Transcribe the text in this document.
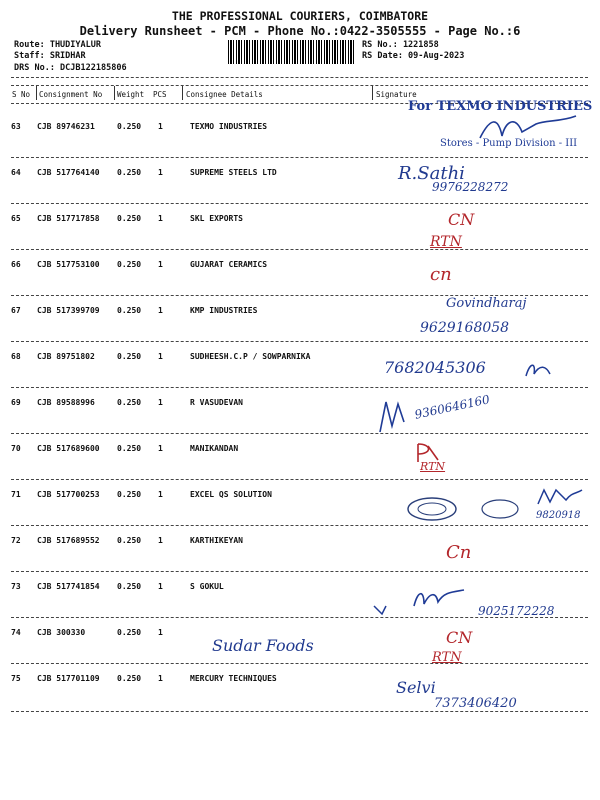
THE PROFESSIONAL COURIERS, COIMBATORE
Delivery Runsheet - PCM - Phone No.:0422-3505555 - Page No.:6
Route: THUDIYALUR
Staff: SRIDHAR
DRS No.: DCJB122185806
RS No.: 1221858
RS Date: 09-Aug-2023
S No Consignment No Weight PCS	Consignee Details	Signature
63 CJB 89746231	0.250 1	TEXMO INDUSTRIES
64 CJB 517764140 0.250 1	SUPREME STEELS LTD
65 CJB 517717858 0.250 1	SKL EXPORTS
66 CJB 517753100 0.250 1	GUJARAT CERAMICS
67 CJB 517399709 0.250 1	KMP INDUSTRIES
68 CJB 89751802	0.250 1	SUDHEESH.C.P / SOWPARNIKA
69 CJB 89588996	0.250 1	R VASUDEVAN
70 CJB 517689600 0.250 1	MANIKANDAN
71 CJB 517700253 0.250 1	EXCEL QS SOLUTION
72 CJB 517689552 0.250 1	KARTHIKEYAN
73 CJB 517741854 0.250 1	S GOKUL
74 CJB 300330	0.250 1
75 CJB 517701109 0.250 1	MERCURY TECHNIQUES
For TEXMO INDUSTRIES
Stores - Pump Division - III
R.Sathi
9976228272
CN
RTN
cn
Govindharaj
9629168058
7682045306
9360646160
RTN
9820918
Cn
9025172228
Sudar Foods	CN
RTN
Selvi
7373406420
